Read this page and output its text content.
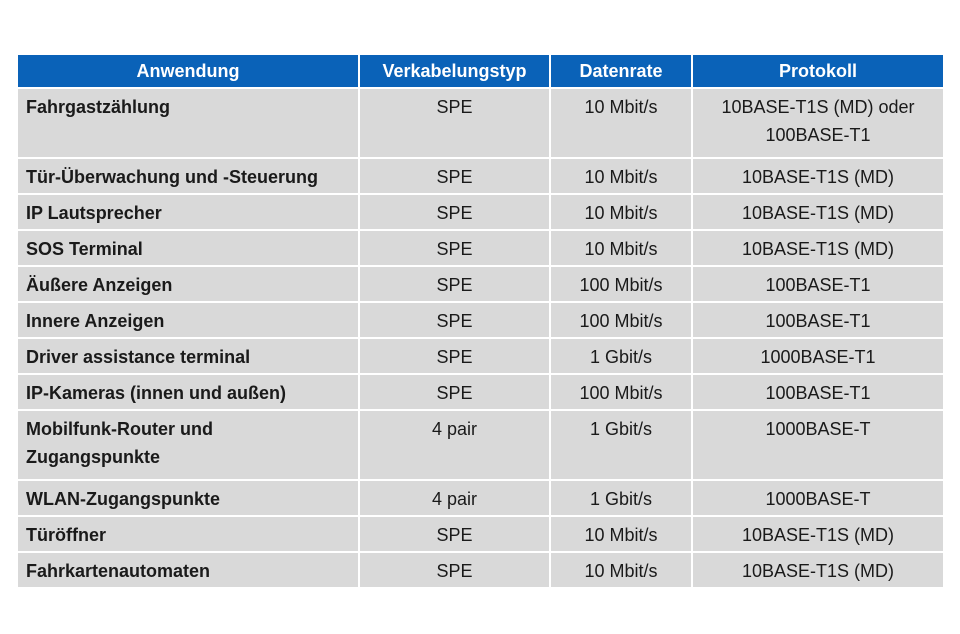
Anwendung	Verkabelungstyp	Datenrate	Protokoll
Fahrgastzählung	SPE	10 Mbit/s	10BASE-T1S (MD) oder 100BASE-T1
Tür-Überwachung und -Steuerung	SPE	10 Mbit/s	10BASE-T1S (MD)
IP Lautsprecher	SPE	10 Mbit/s	10BASE-T1S (MD)
SOS Terminal	SPE	10 Mbit/s	10BASE-T1S (MD)
Äußere Anzeigen	SPE	100 Mbit/s	100BASE-T1
Innere Anzeigen	SPE	100 Mbit/s	100BASE-T1
Driver assistance terminal	SPE	1 Gbit/s	1000BASE-T1
IP-Kameras (innen und außen)	SPE	100 Mbit/s	100BASE-T1
Mobilfunk-Router und Zugangspunkte	4 pair	1 Gbit/s	1000BASE-T
WLAN-Zugangspunkte	4 pair	1 Gbit/s	1000BASE-T
Türöffner	SPE	10 Mbit/s	10BASE-T1S (MD)
Fahrkartenautomaten	SPE	10 Mbit/s	10BASE-T1S (MD)
